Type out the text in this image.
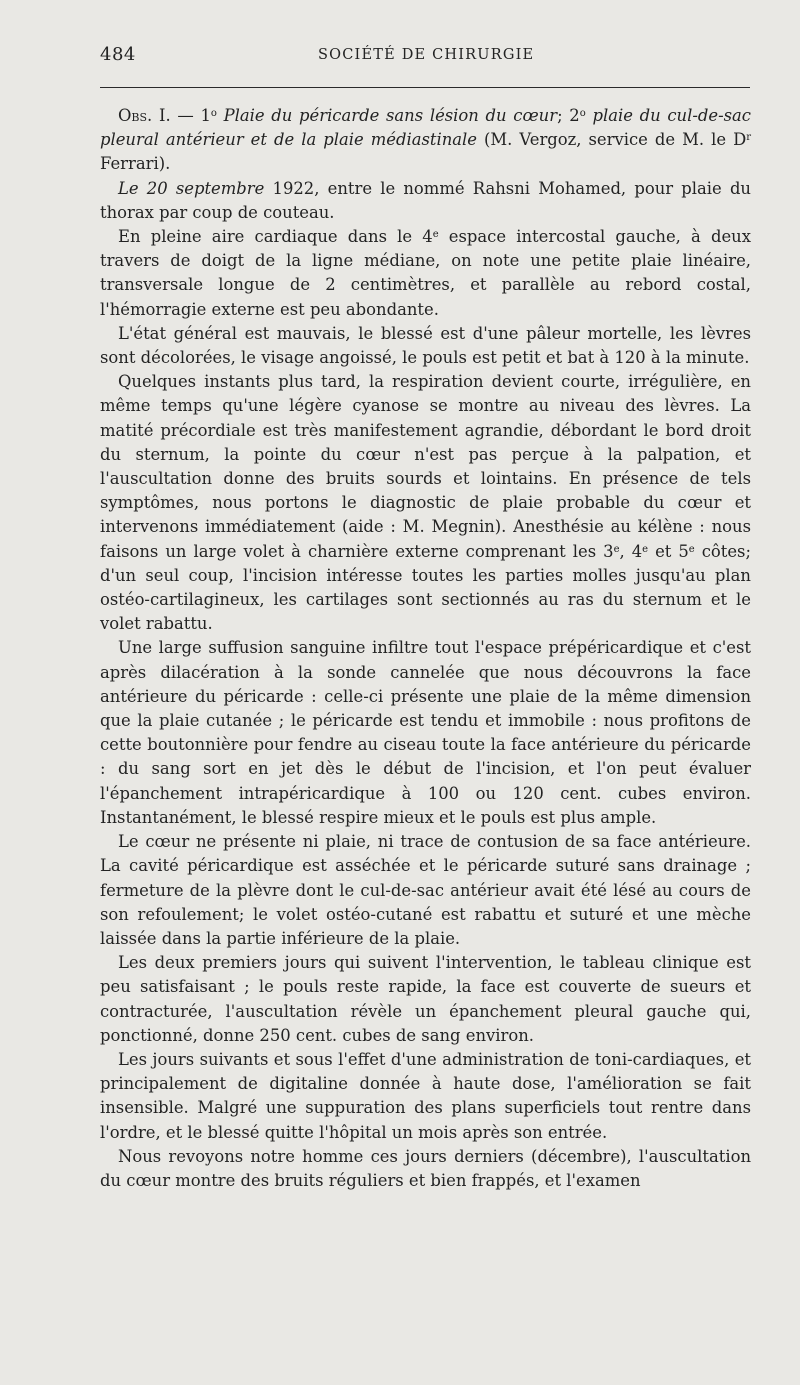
484	SOCIÉTÉ DE CHIRURGIE

Obs. I. — 1$^o$ Plaie du péricarde sans lésion du cœur; 2$^o$ plaie du cul-de-sac pleural antérieur et de la plaie médiastinale (M. Vergoz, service de M. le $D^r$ Ferrari).

Le 20 septembre 1922, entre le nommé Rahsni Mohamed, pour plaie du thorax par coup de couteau.

En pleine aire cardiaque dans le 4e espace intercostal gauche, à deux travers de doigt de la ligne médiane, on note une petite plaie linéaire, transversale longue de 2 centimètres, et parallèle au rebord costal, l'hémorragie externe est peu abondante.

L'état général est mauvais, le blessé est d'une pâleur mortelle, les lèvres sont décolorées, le visage angoissé, le pouls est petit et bat à 120 à la minute.

Quelques instants plus tard, la respiration devient courte, irrégulière, en même temps qu'une légère cyanose se montre au niveau des lèvres. La matité précordiale est très manifestement agrandie, débordant le bord droit du sternum, la pointe du cœur n'est pas perçue à la palpation, et l'auscultation donne des bruits sourds et lointains. En présence de tels symptômes, nous portons le diagnostic de plaie probable du cœur et intervenons immédiatement (aide : M. Megnin). Anesthésie au kélène : nous faisons un large volet à charnière externe comprenant les 3e, 4e et 5e côtes; d'un seul coup, l'incision intéresse toutes les parties molles jusqu'au plan ostéo-cartilagineux, les cartilages sont sectionnés au ras du sternum et le volet rabattu.

Une large suffusion sanguine infiltre tout l'espace prépéricardique et c'est après dilacération à la sonde cannelée que nous découvrons la face antérieure du péricarde : celle-ci présente une plaie de la même dimension que la plaie cutanée ; le péricarde est tendu et immobile : nous profitons de cette boutonnière pour fendre au ciseau toute la face antérieure du péricarde : du sang sort en jet dès le début de l'incision, et l'on peut évaluer l'épanchement intrapéricardique à 100 ou 120 cent. cubes environ. Instantanément, le blessé respire mieux et le pouls est plus ample.

Le cœur ne présente ni plaie, ni trace de contusion de sa face antérieure. La cavité péricardique est asséchée et le péricarde suturé sans drainage ; fermeture de la plèvre dont le cul-de-sac antérieur avait été lésé au cours de son refoulement; le volet ostéo-cutané est rabattu et suturé et une mèche laissée dans la partie inférieure de la plaie.

Les deux premiers jours qui suivent l'intervention, le tableau clinique est peu satisfaisant ; le pouls reste rapide, la face est couverte de sueurs et contracturée, l'auscultation révèle un épanchement pleural gauche qui, ponctionné, donne 250 cent. cubes de sang environ.

Les jours suivants et sous l'effet d'une administration de toni-cardiaques, et principalement de digitaline donnée à haute dose, l'amélioration se fait insensible. Malgré une suppuration des plans superficiels tout rentre dans l'ordre, et le blessé quitte l'hôpital un mois après son entrée.

Nous revoyons notre homme ces jours derniers (décembre), l'auscultation du cœur montre des bruits réguliers et bien frappés, et l'examen
